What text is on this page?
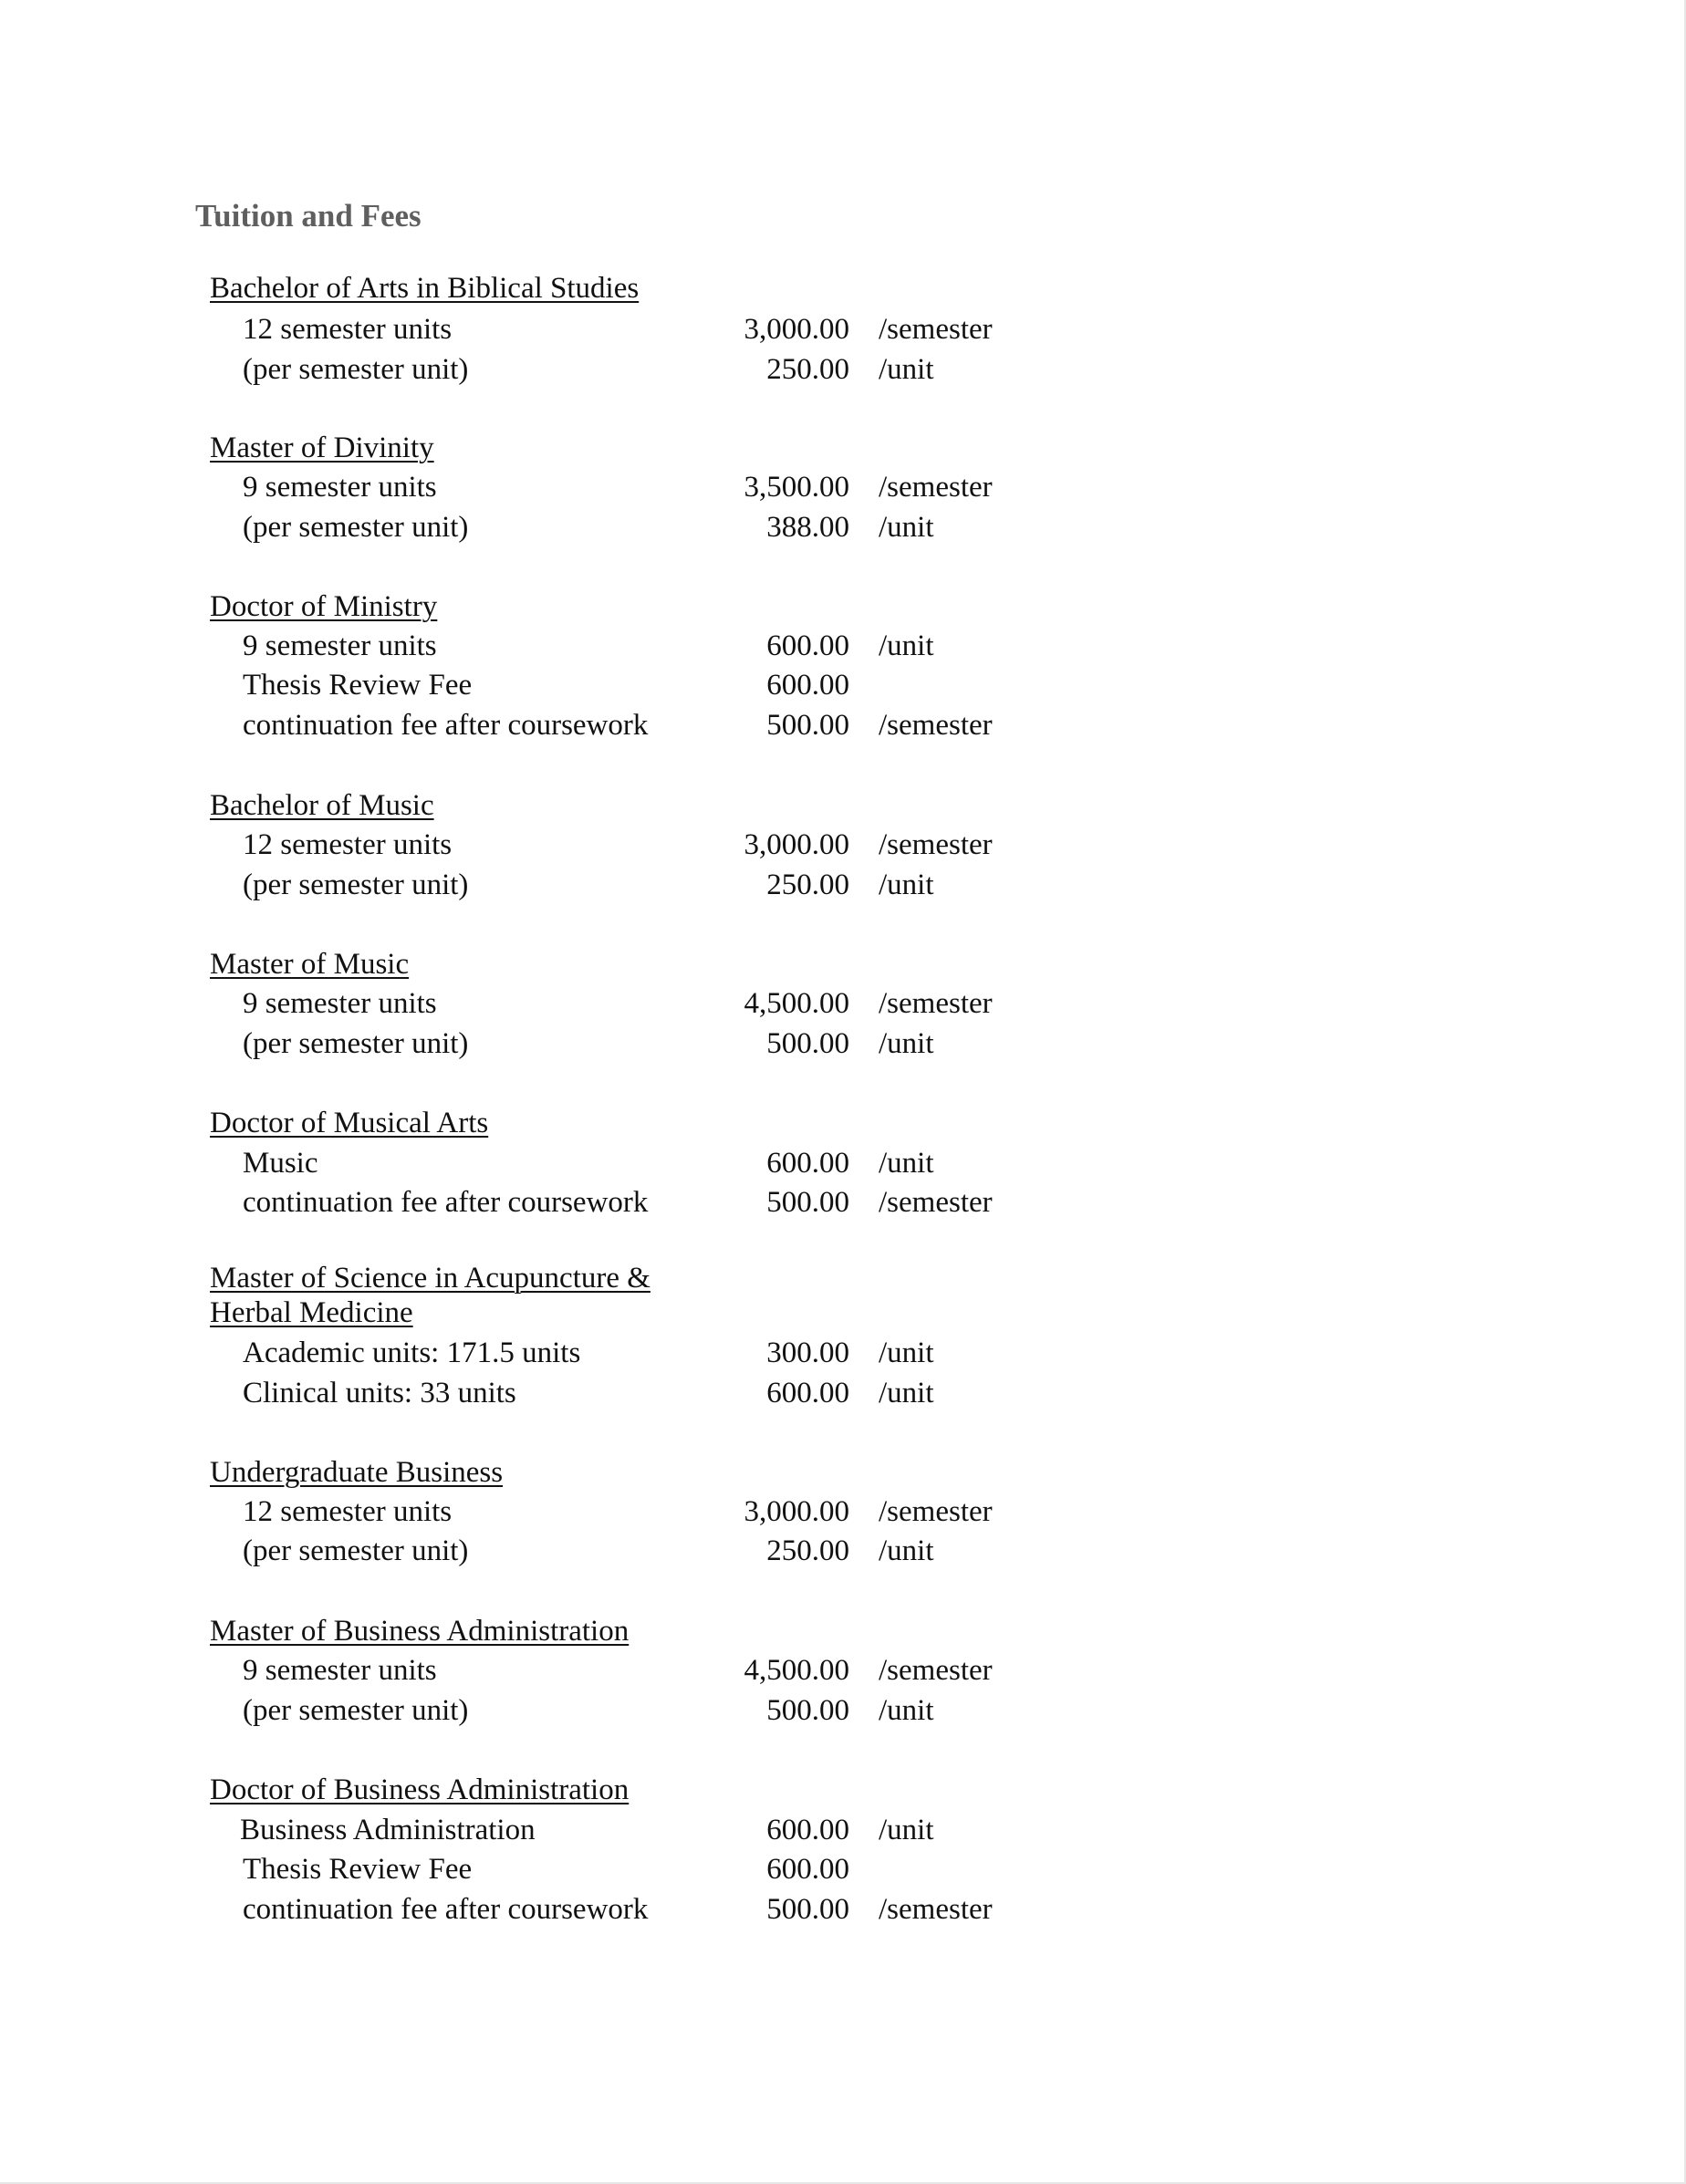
Tuition and Fees
Bachelor of Arts in Biblical Studies
12 semester units	3,000.00 /semester
(per semester unit)	250.00 /unit
Master of Divinity
9 semester units	3,500.00 /semester
(per semester unit)	388.00 /unit
Doctor of Ministry
9 semester units	600.00 /unit
Thesis Review Fee	600.00
continuation fee after coursework	500.00 /semester
Bachelor of Music
12 semester units	3,000.00 /semester
(per semester unit)	250.00 /unit
Master of Music
9 semester units	4,500.00 /semester
(per semester unit)	500.00 /unit
Doctor of Musical Arts
Music	600.00 /unit
continuation fee after coursework	500.00 /semester
Master of Science in Acupuncture & Herbal Medicine
Academic units: 171.5 units	300.00 /unit
Clinical units: 33 units	600.00 /unit
Undergraduate Business
12 semester units	3,000.00 /semester
(per semester unit)	250.00 /unit
Master of Business Administration
9 semester units	4,500.00 /semester
(per semester unit)	500.00 /unit
Doctor of Business Administration
Business Administration	600.00 /unit
Thesis Review Fee	600.00
continuation fee after coursework	500.00 /semester
